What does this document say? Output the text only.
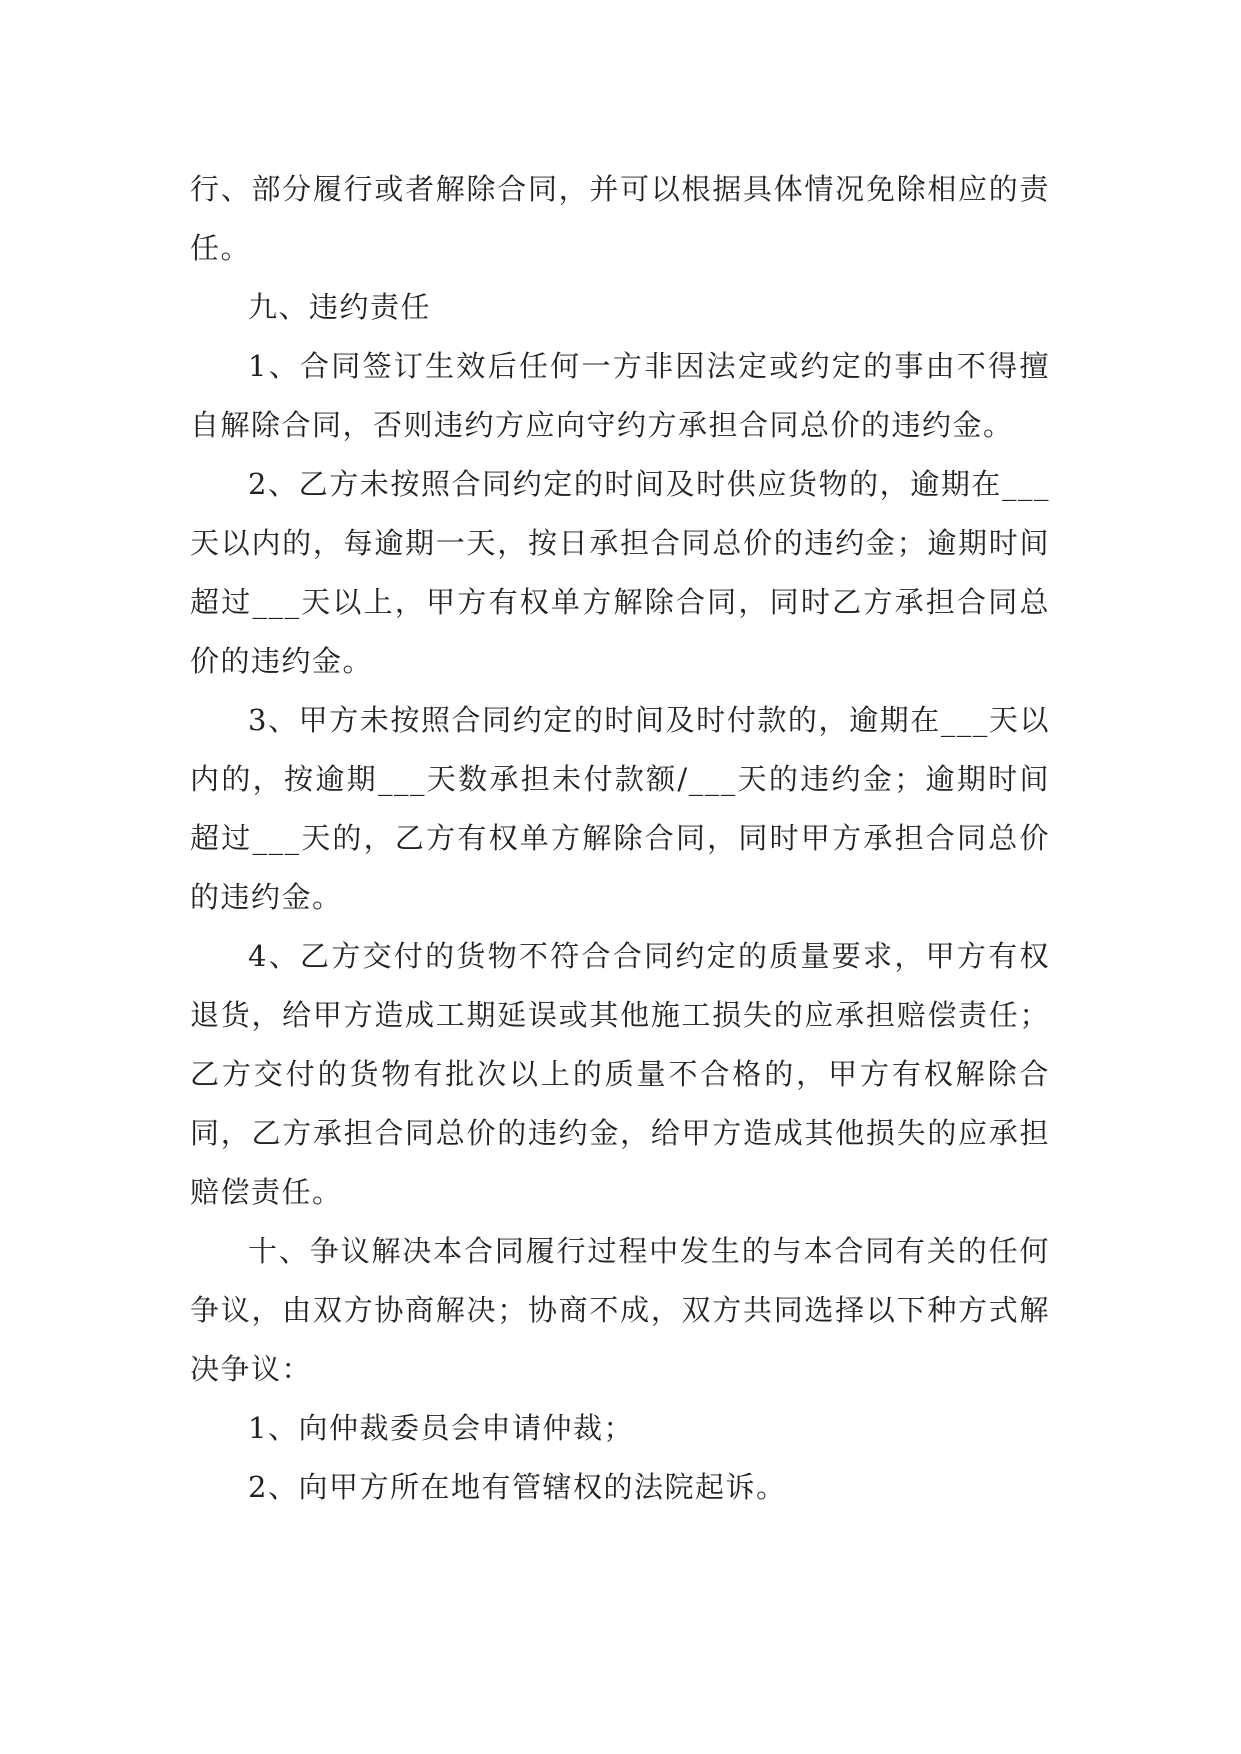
行、部分履行或者解除合同，并可以根据具体情况免除相应的责任。

九、违约责任

1、合同签订生效后任何一方非因法定或约定的事由不得擅自解除合同，否则违约方应向守约方承担合同总价的违约金。

2、乙方未按照合同约定的时间及时供应货物的，逾期在___天以内的，每逾期一天，按日承担合同总价的违约金；逾期时间超过___天以上，甲方有权单方解除合同，同时乙方承担合同总价的违约金。

3、甲方未按照合同约定的时间及时付款的，逾期在___天以内的，按逾期___天数承担未付款额/___天的违约金；逾期时间超过___天的，乙方有权单方解除合同，同时甲方承担合同总价的违约金。

4、乙方交付的货物不符合合同约定的质量要求，甲方有权退货，给甲方造成工期延误或其他施工损失的应承担赔偿责任；乙方交付的货物有批次以上的质量不合格的，甲方有权解除合同，乙方承担合同总价的违约金，给甲方造成其他损失的应承担赔偿责任。

十、争议解决本合同履行过程中发生的与本合同有关的任何争议，由双方协商解决；协商不成，双方共同选择以下种方式解决争议：

1、向仲裁委员会申请仲裁；

2、向甲方所在地有管辖权的法院起诉。
